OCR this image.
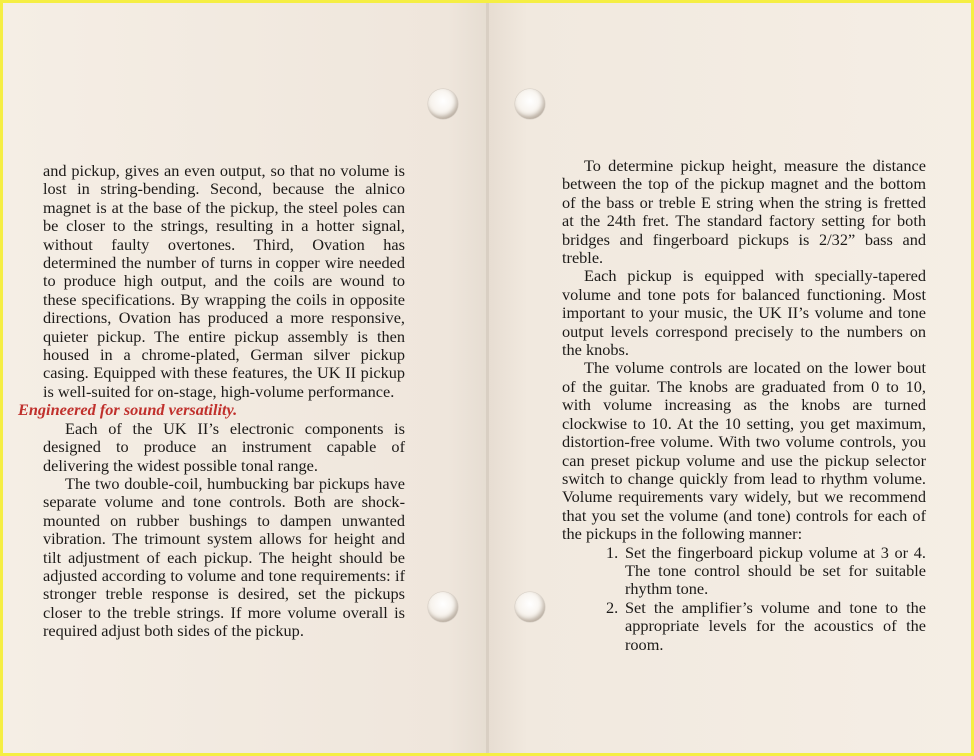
and pickup, gives an even output, so that no volume is lost in string-bending. Second, because the alnico magnet is at the base of the pickup, the steel poles can be closer to the strings, resulting in a hotter signal, without faulty overtones. Third, Ovation has determined the number of turns in copper wire needed to produce high output, and the coils are wound to these specifications. By wrapping the coils in opposite directions, Ovation has produced a more responsive, quieter pickup. The entire pickup assembly is then housed in a chrome-plated, German silver pickup casing. Equipped with these features, the UK II pickup is well-suited for on-stage, high-volume performance.

Engineered for sound versatility.

Each of the UK II’s electronic components is designed to produce an instrument capable of delivering the widest possible tonal range.

The two double-coil, humbucking bar pickups have separate volume and tone controls. Both are shock-mounted on rubber bushings to dampen unwanted vibration. The trimount system allows for height and tilt adjustment of each pickup. The height should be adjusted according to volume and tone requirements: if stronger treble response is desired, set the pickups closer to the treble strings. If more volume overall is required adjust both sides of the pickup.

To determine pickup height, measure the distance between the top of the pickup magnet and the bottom of the bass or treble E string when the string is fretted at the 24th fret. The standard factory setting for both bridges and fingerboard pickups is 2/32” bass and treble.

Each pickup is equipped with specially-tapered volume and tone pots for balanced functioning. Most important to your music, the UK II’s volume and tone output levels correspond precisely to the numbers on the knobs.

The volume controls are located on the lower bout of the guitar. The knobs are graduated from 0 to 10, with volume increasing as the knobs are turned clockwise to 10. At the 10 setting, you get maximum, distortion-free volume. With two volume controls, you can preset pickup volume and use the pickup selector switch to change quickly from lead to rhythm volume. Volume requirements vary widely, but we recommend that you set the volume (and tone) controls for each of the pickups in the following manner:

1. Set the fingerboard pickup volume at 3 or 4. The tone control should be set for suitable rhythm tone.
2. Set the amplifier’s volume and tone to the appropriate levels for the acoustics of the room.
